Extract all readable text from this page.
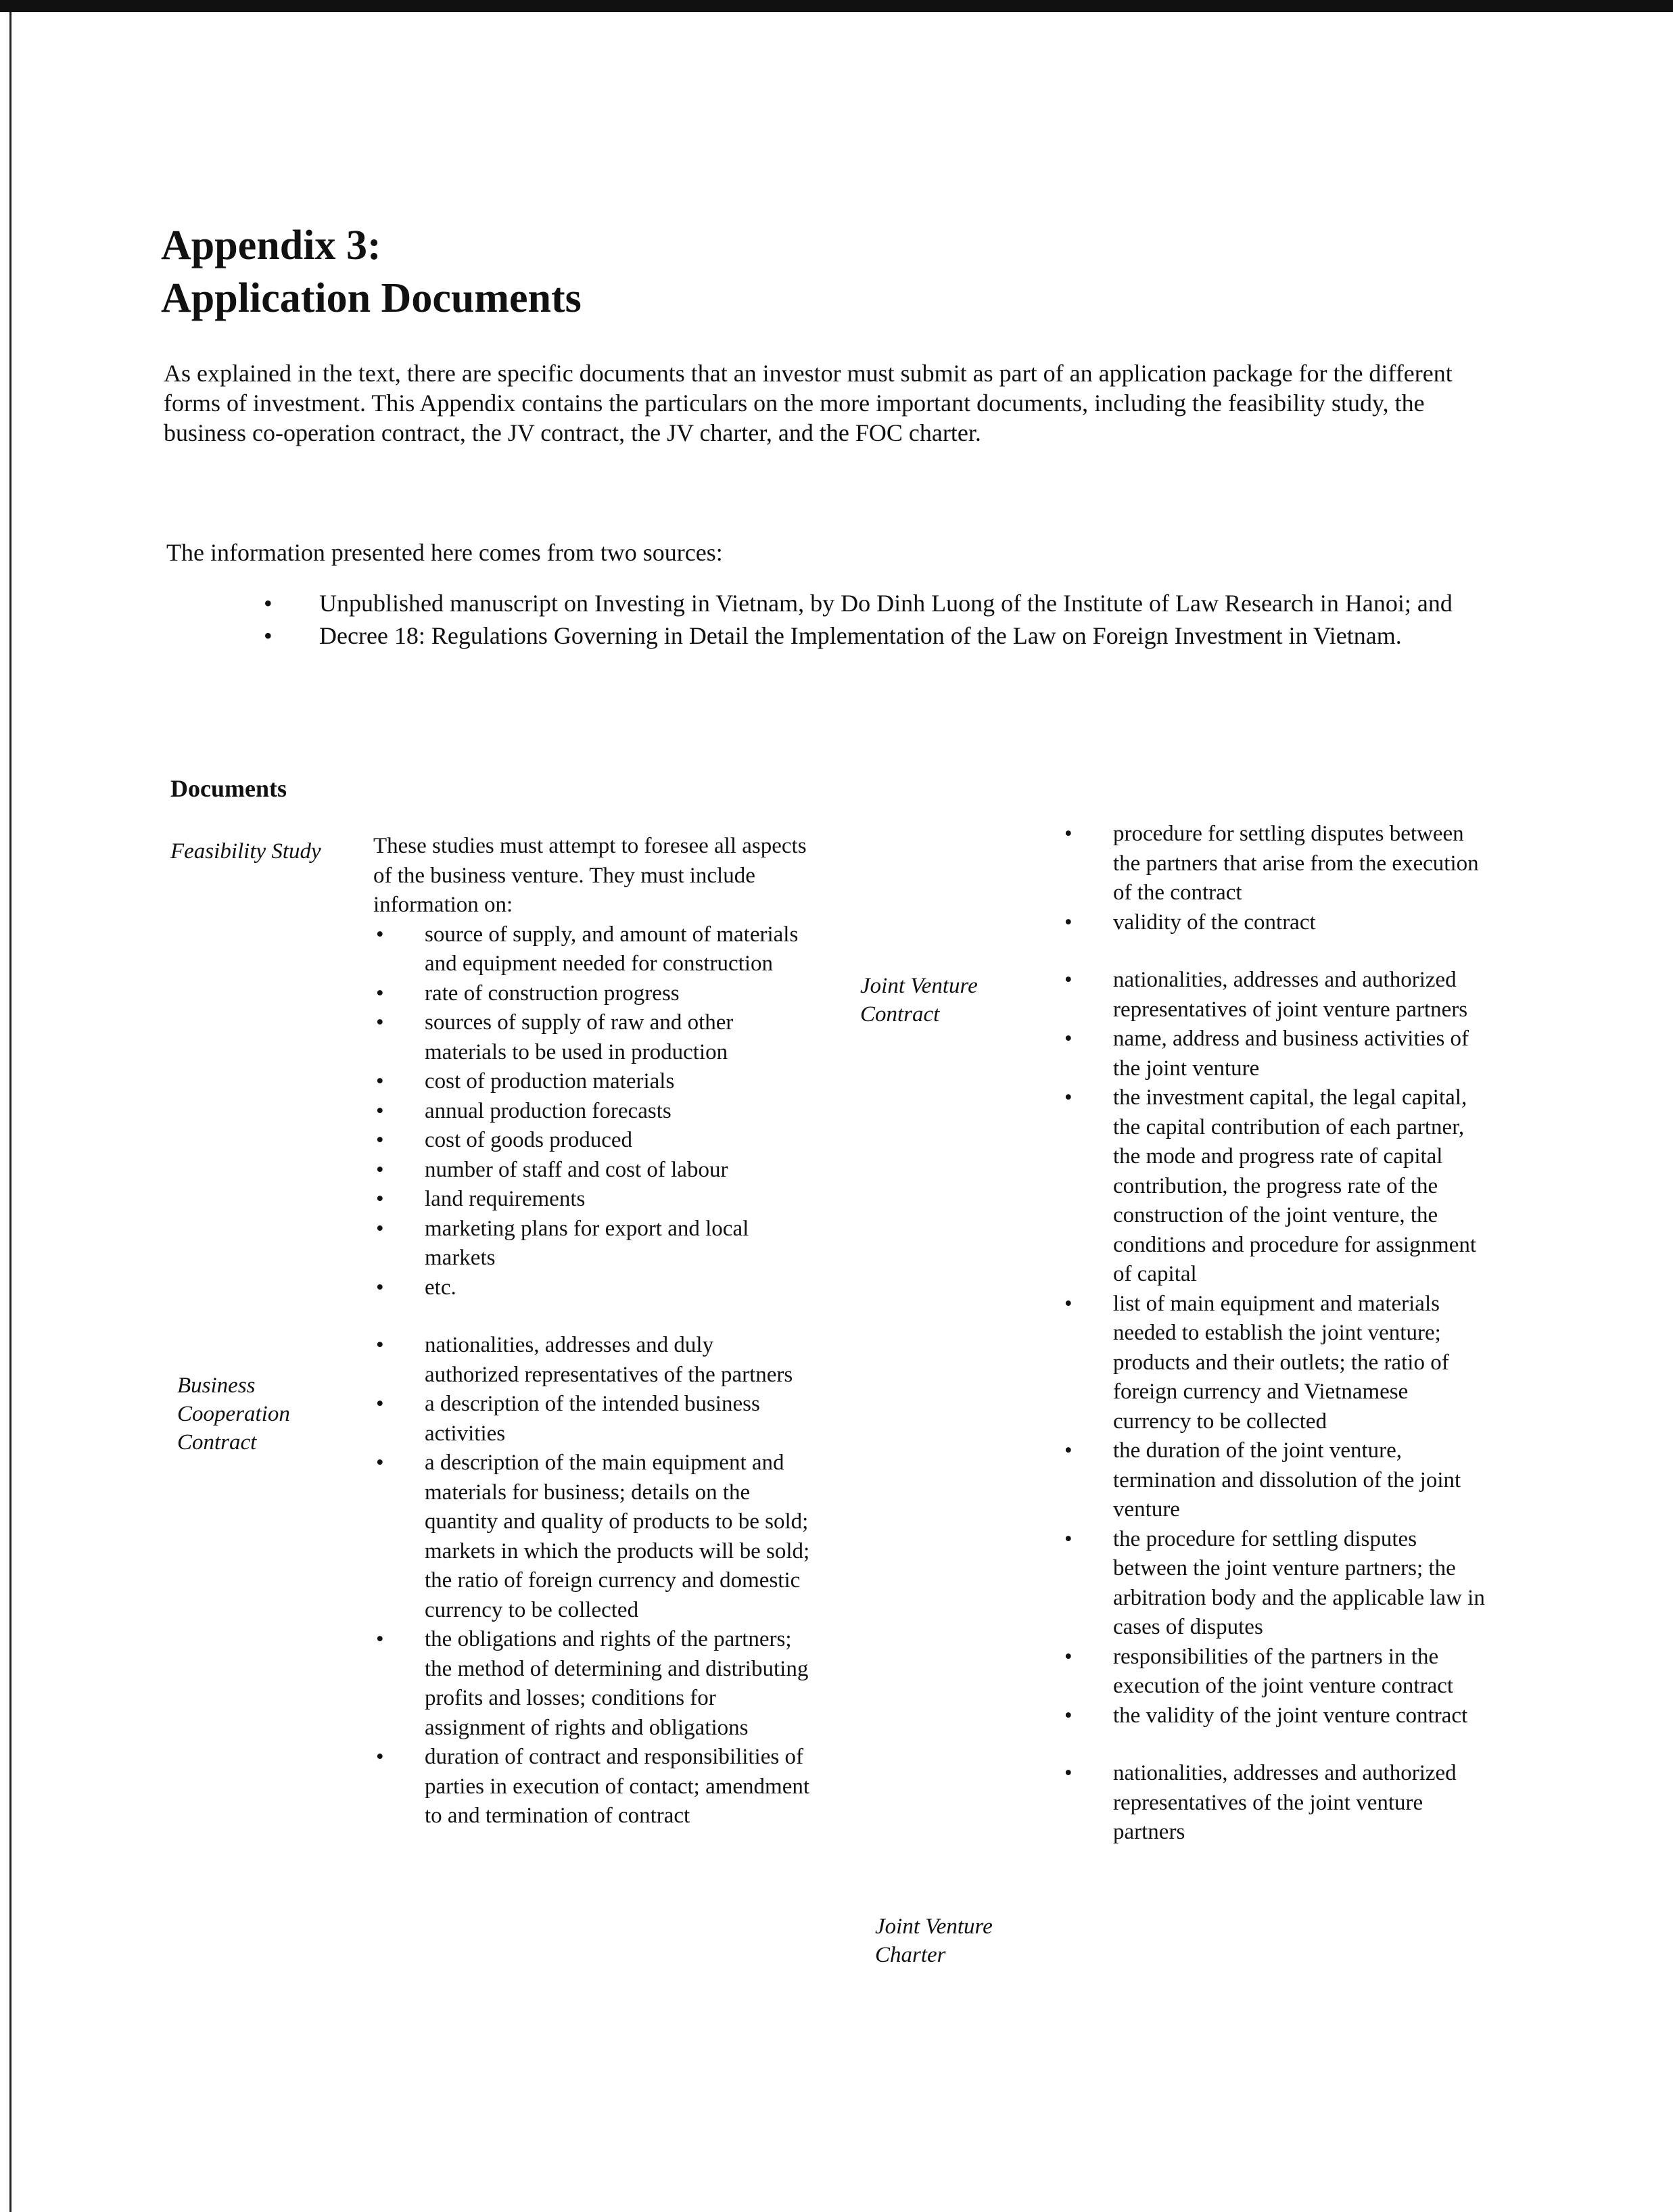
Appendix 3:
Application Documents
As explained in the text, there are specific documents that an investor must submit as part of an application package for the different forms of investment. This Appendix contains the particulars on the more important documents, including the feasibility study, the business co-operation contract, the JV contract, the JV charter, and the FOC charter.
The information presented here comes from two sources:
• Unpublished manuscript on Investing in Vietnam, by Do Dinh Luong of the Institute of Law Research in Hanoi; and
• Decree 18: Regulations Governing in Detail the Implementation of the Law on Foreign Investment in Vietnam.
Documents
Feasibility Study
Business
Cooperation
Contract
Joint Venture
Contract
Joint Venture
Charter

These studies must attempt to foresee all aspects of the business venture. They must include information on:

• source of supply, and amount of materials and equipment needed for construction
• rate of construction progress
• sources of supply of raw and other materials to be used in production
• cost of production materials
• annual production forecasts
• cost of goods produced
• number of staff and cost of labour
• land requirements
• marketing plans for export and local markets
• etc.
• nationalities, addresses and duly authorized representatives of the partners
• a description of the intended business activities
• a description of the main equipment and materials for business; details on the quantity and quality of products to be sold; markets in which the products will be sold; the ratio of foreign currency and domestic currency to be collected
• the obligations and rights of the partners; the method of determining and distributing profits and losses; conditions for assignment of rights and obligations
• duration of contract and responsibilities of parties in execution of contact; amendment to and termination of contract
• procedure for settling disputes between the partners that arise from the execution of the contract
• validity of the contract
• nationalities, addresses and authorized representatives of joint venture partners
• name, address and business activities of the joint venture
• the investment capital, the legal capital, the capital contribution of each partner, the mode and progress rate of capital contribution, the progress rate of the construction of the joint venture, the conditions and procedure for assignment of capital
• list of main equipment and materials needed to establish the joint venture; products and their outlets; the ratio of foreign currency and Vietnamese currency to be collected
• the duration of the joint venture, termination and dissolution of the joint venture
• the procedure for settling disputes between the joint venture partners; the arbitration body and the applicable law in cases of disputes
• responsibilities of the partners in the execution of the joint venture contract
• the validity of the joint venture contract
• nationalities, addresses and authorized representatives of the joint venture partners
